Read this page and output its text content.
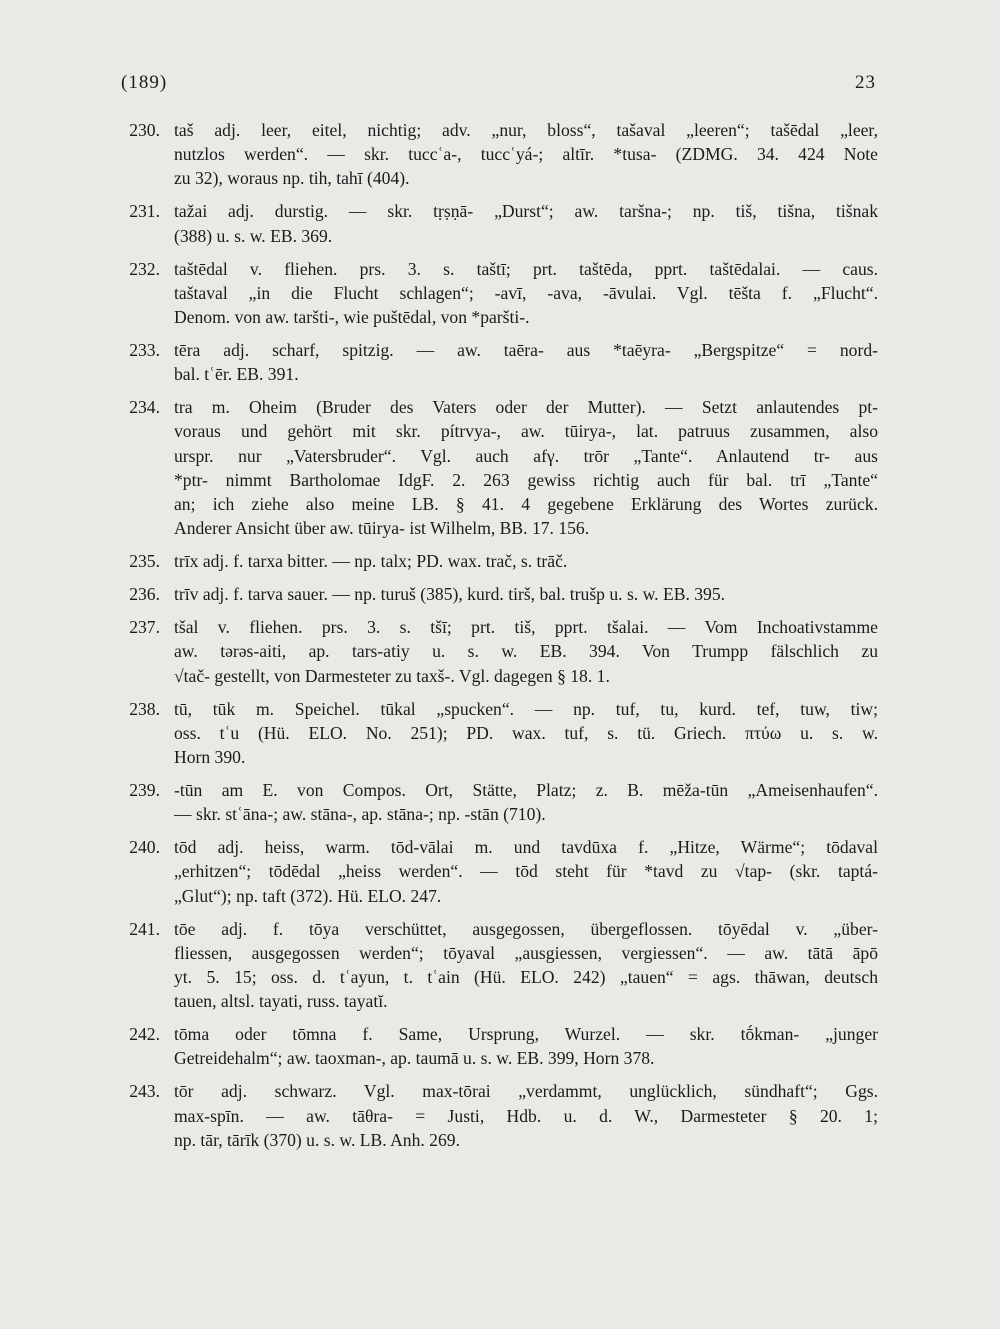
(189)	23
230. taš adj. leer, eitel, nichtig; adv. „nur, bloss“, tašaval „leeren“; tašēdal „leer,
nutzlos werden“. — skr. tuccʿa-, tuccʿyá-; altīr. *tusa- (ZDMG. 34. 424 Note
zu 32), woraus np. tih, tahī (404).
231. tažai adj. durstig. — skr. tṛṣṇā- „Durst“; aw. taršna-; np. tiš, tišna, tišnak
(388) u. s. w. EB. 369.
232. taštēdal v. fliehen. prs. 3. s. taštī; prt. taštēda, pprt. taštēdalai. — caus.
taštaval „in die Flucht schlagen“; -avī, -ava, -āvulai. Vgl. tēšta f. „Flucht“.
Denom. von aw. taršti-, wie puštēdal, von *paršti-.
233. tēra adj. scharf, spitzig. — aw. taēra- aus *taēyra- „Bergspitze“ = nord-
bal. tʿēr. EB. 391.
234. tra m. Oheim (Bruder des Vaters oder der Mutter). — Setzt anlautendes pt-
voraus und gehört mit skr. pítrvya-, aw. tūirya-, lat. patruus zusammen, also
urspr. nur „Vatersbruder“. Vgl. auch afγ. trōr „Tante“. Anlautend tr- aus
*ptr- nimmt Bartholomae IdgF. 2. 263 gewiss richtig auch für bal. trī „Tante“
an; ich ziehe also meine LB. § 41. 4 gegebene Erklärung des Wortes zurück.
Anderer Ansicht über aw. tūirya- ist Wilhelm, BB. 17. 156.
235. trīx adj. f. tarxa bitter. — np. talx; PD. wax. trač, s. trāč.
236. trīv adj. f. tarva sauer. — np. turuš (385), kurd. tirš, bal. trušp u. s. w. EB. 395.
237. tšal v. fliehen. prs. 3. s. tšī; prt. tiš, pprt. tšalai. — Vom Inchoativstamme
aw. tərəs-aiti, ap. tars-atiy u. s. w. EB. 394. Von Trumpp fälschlich zu
√tač- gestellt, von Darmesteter zu taxš-. Vgl. dagegen § 18. 1.
238. tū, tūk m. Speichel. tūkal „spucken“. — np. tuf, tu, kurd. tef, tuw, tiw;
oss. tʿu (Hü. ELO. No. 251); PD. wax. tuf, s. tü. Griech. πτύω u. s. w.
Horn 390.
239. -tūn am E. von Compos. Ort, Stätte, Platz; z. B. mēža-tūn „Ameisenhaufen“.
— skr. stʿāna-; aw. stāna-, ap. stāna-; np. -stān (710).
240. tōd adj. heiss, warm. tōd-vālai m. und tavdūxa f. „Hitze, Wärme“; tōdaval
„erhitzen“; tōdēdal „heiss werden“. — tōd steht für *tavd zu √tap- (skr. taptá-
„Glut“); np. taft (372). Hü. ELO. 247.
241. tōe adj. f. tōya verschüttet, ausgegossen, übergeflossen. tōyēdal v. „über-
fliessen, ausgegossen werden“; tōyaval „ausgiessen, vergiessen“. — aw. tātā āpō
yt. 5. 15; oss. d. tʿayun, t. tʿain (Hü. ELO. 242) „tauen“ = ags. thāwan, deutsch
tauen, altsl. tayati, russ. tayatĭ.
242. tōma oder tōmna f. Same, Ursprung, Wurzel. — skr. tṓkman- „junger
Getreidehalm“; aw. taoxman-, ap. taumā u. s. w. EB. 399, Horn 378.
243. tōr adj. schwarz. Vgl. max-tōrai „verdammt, unglücklich, sündhaft“; Ggs.
max-spīn. — aw. tāθra- = Justi, Hdb. u. d. W., Darmesteter § 20. 1;
np. tār, tārīk (370) u. s. w. LB. Anh. 269.
